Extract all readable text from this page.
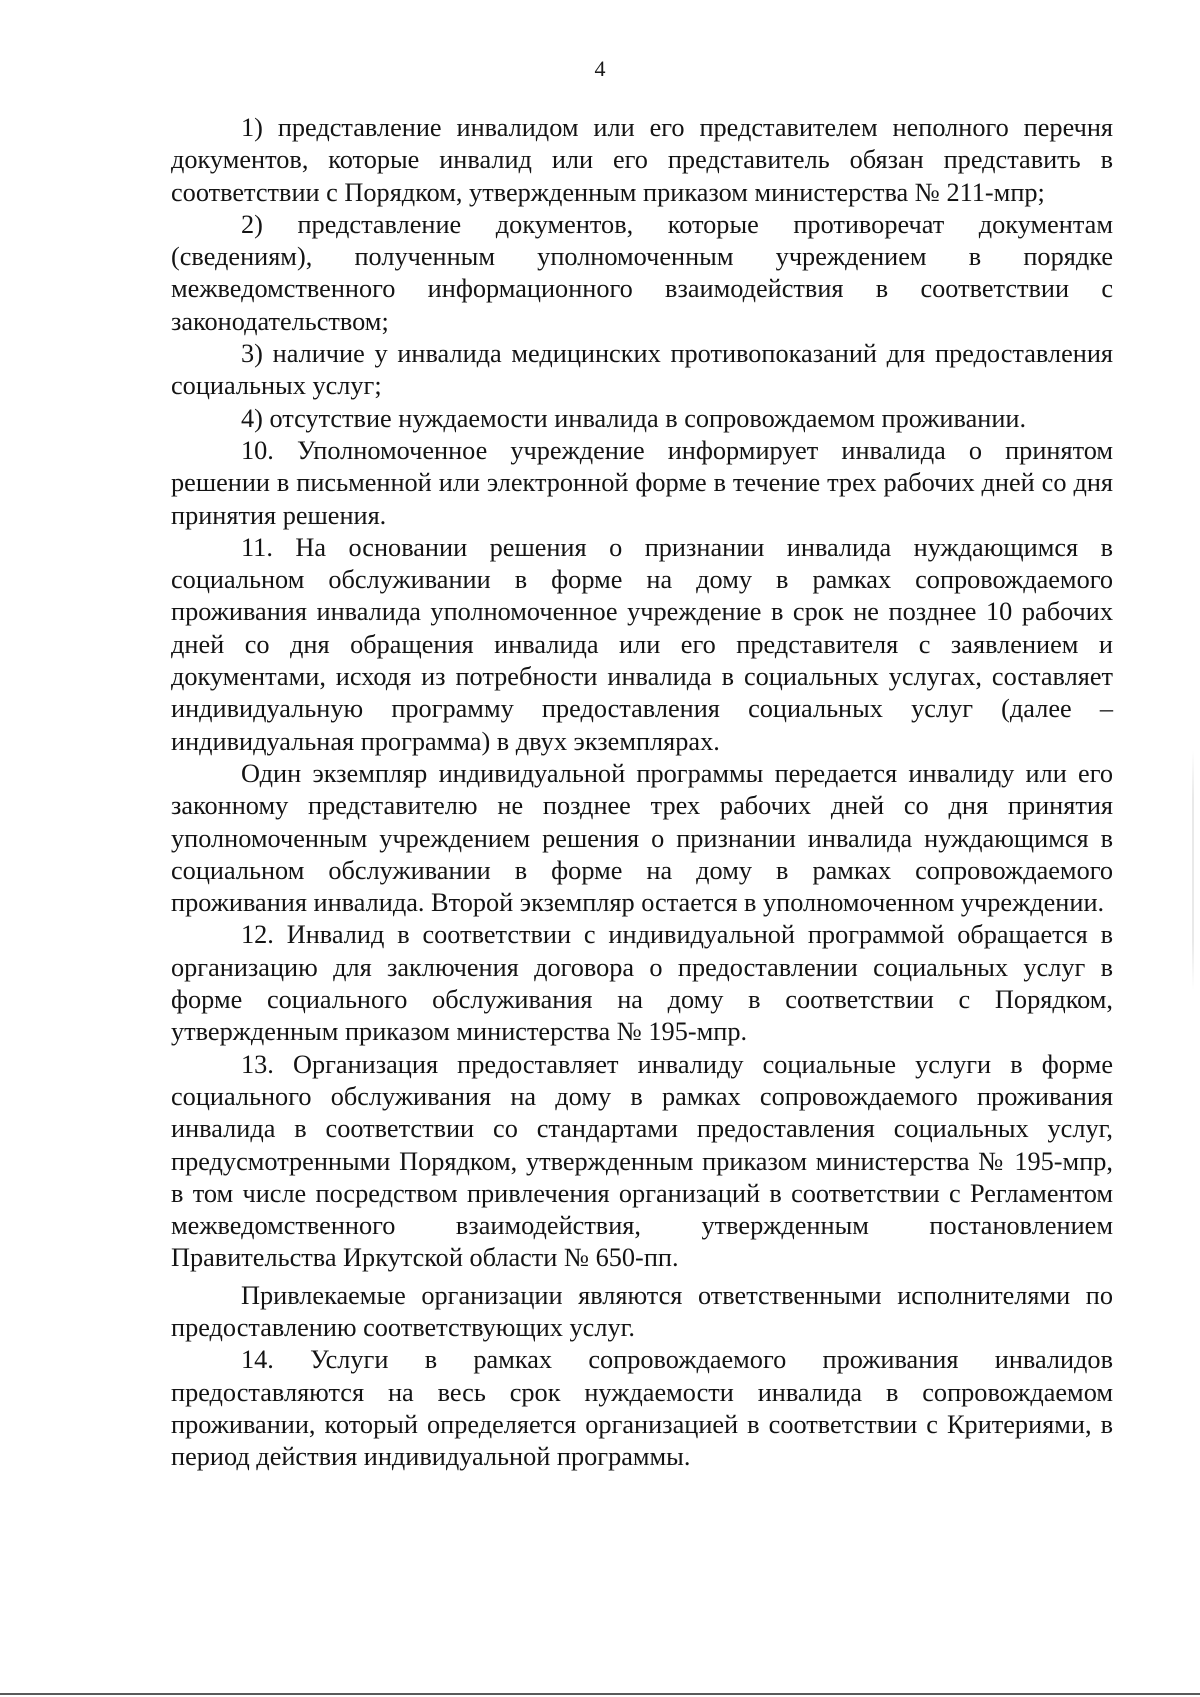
4

1) представление инвалидом или его представителем неполного перечня документов, которые инвалид или его представитель обязан представить в соответствии с Порядком, утвержденным приказом министерства № 211-мпр;

2) представление документов, которые противоречат документам (сведениям), полученным уполномоченным учреждением в порядке межведомственного информационного взаимодействия в соответствии с законодательством;

3) наличие у инвалида медицинских противопоказаний для предоставления социальных услуг;

4) отсутствие нуждаемости инвалида в сопровождаемом проживании.

10. Уполномоченное учреждение информирует инвалида о принятом решении в письменной или электронной форме в течение трех рабочих дней со дня принятия решения.

11. На основании решения о признании инвалида нуждающимся в социальном обслуживании в форме на дому в рамках сопровождаемого проживания инвалида уполномоченное учреждение в срок не позднее 10 рабочих дней со дня обращения инвалида или его представителя с заявлением и документами, исходя из потребности инвалида в социальных услугах, составляет индивидуальную программу предоставления социальных услуг (далее – индивидуальная программа) в двух экземплярах.

Один экземпляр индивидуальной программы передается инвалиду или его законному представителю не позднее трех рабочих дней со дня принятия уполномоченным учреждением решения о признании инвалида нуждающимся в социальном обслуживании в форме на дому в рамках сопровождаемого проживания инвалида. Второй экземпляр остается в уполномоченном учреждении.

12. Инвалид в соответствии с индивидуальной программой обращается в организацию для заключения договора о предоставлении социальных услуг в форме социального обслуживания на дому в соответствии с Порядком, утвержденным приказом министерства № 195-мпр.

13. Организация предоставляет инвалиду социальные услуги в форме социального обслуживания на дому в рамках сопровождаемого проживания инвалида в соответствии со стандартами предоставления социальных услуг, предусмотренными Порядком, утвержденным приказом министерства № 195-мпр, в том числе посредством привлечения организаций в соответствии с Регламентом межведомственного взаимодействия, утвержденным постановлением Правительства Иркутской области № 650-пп.

Привлекаемые организации являются ответственными исполнителями по предоставлению соответствующих услуг.

14. Услуги в рамках сопровождаемого проживания инвалидов предоставляются на весь срок нуждаемости инвалида в сопровождаемом проживании, который определяется организацией в соответствии с Критериями, в период действия индивидуальной программы.
